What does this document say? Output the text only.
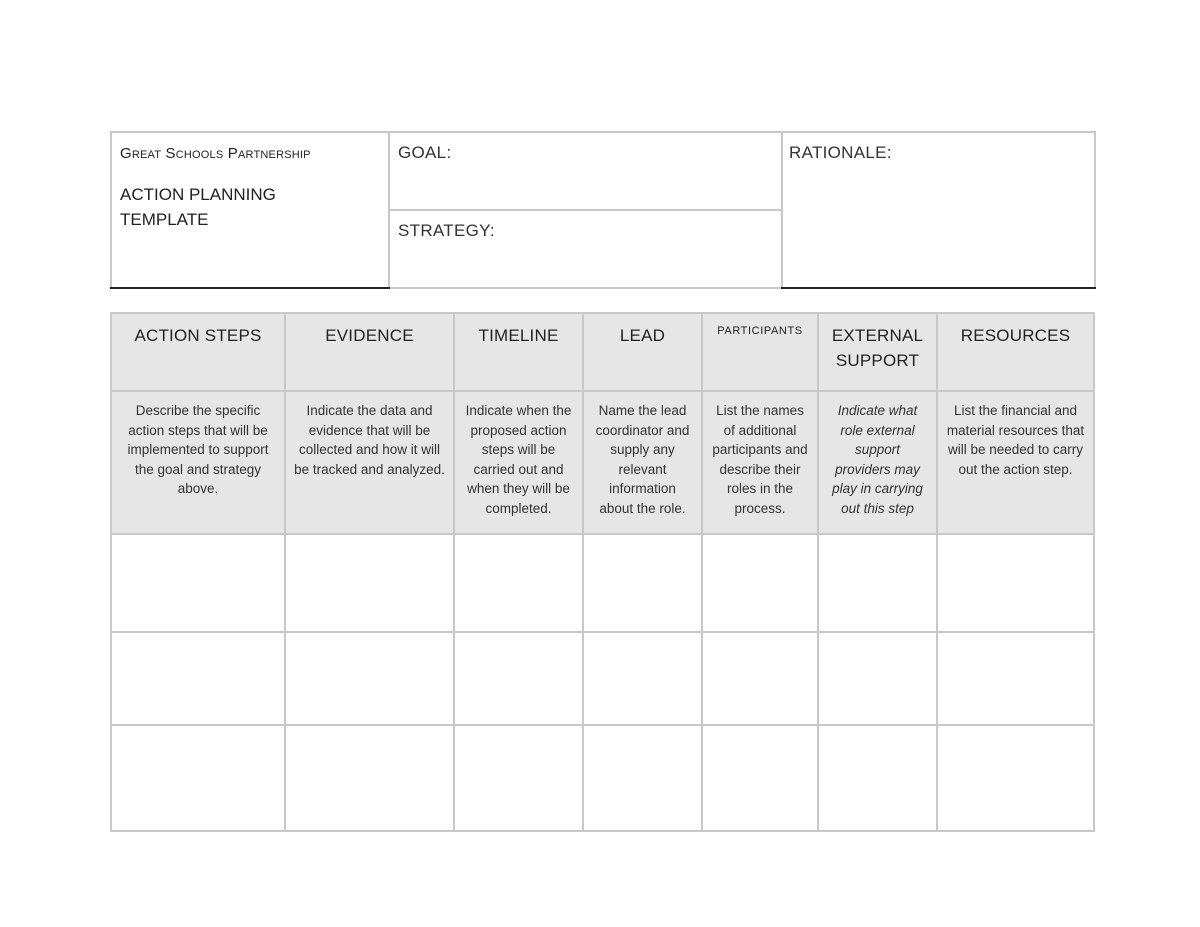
Great Schools Partnership
ACTION PLANNING TEMPLATE
	GOAL:	RATIONALE:
STRATEGY:
ACTION STEPS	EVIDENCE	TIMELINE	LEAD	PARTICIPANTS	EXTERNAL SUPPORT	RESOURCES
Describe the specific action steps that will be implemented to support the goal and strategy above.	Indicate the data and evidence that will be collected and how it will be tracked and analyzed.	Indicate when the proposed action steps will be carried out and when they will be completed.	Name the lead coordinator and supply any relevant information about the role.	List the names of additional participants and describe their roles in the process.	Indicate what role external support providers may play in carrying out this step	List the financial and material resources that will be needed to carry out the action step.
